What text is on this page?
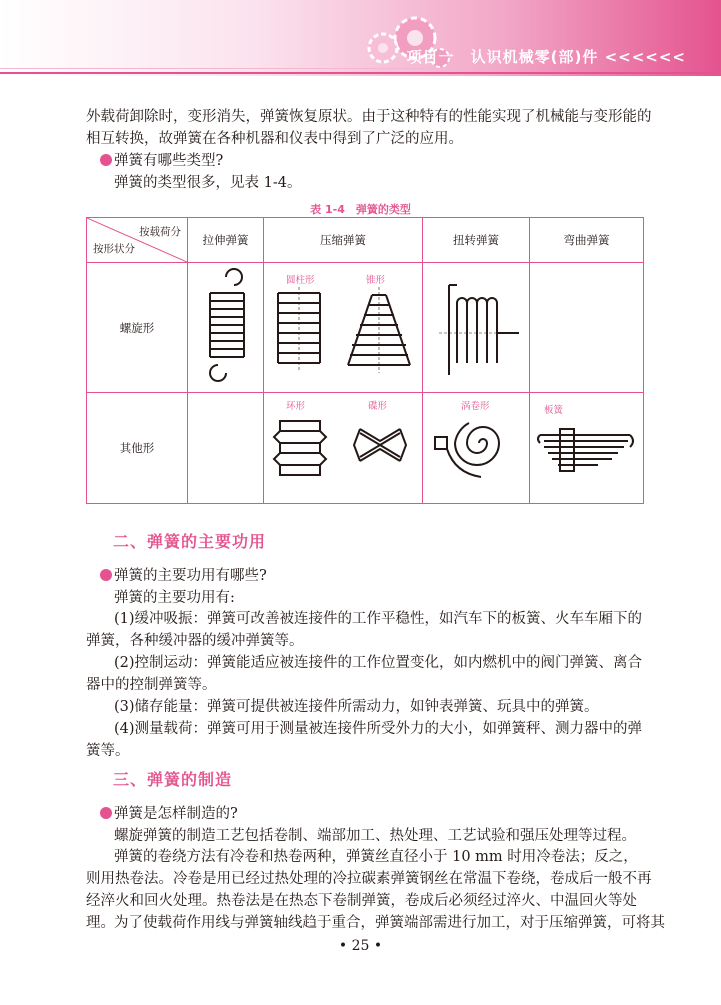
项目一　认识机械零(部)件 <<<<<<
外载荷卸除时，变形消失，弹簧恢复原状。由于这种特有的性能实现了机械能与变形能的相互转换，故弹簧在各种机器和仪表中得到了广泛的应用。
弹簧有哪些类型?
弹簧的类型很多，见表 1-4。
表 1-4　弹簧的类型
按载荷分
按形状分	拉伸弹簧	压缩弹簧	扭转弹簧	弯曲弹簧
螺旋形		圆柱形 锥形

其他形		环形 碟形	涡卷形	板簧
二、弹簧的主要功用
弹簧的主要功用有哪些?
弹簧的主要功用有:
(1)缓冲吸振：弹簧可改善被连接件的工作平稳性，如汽车下的板簧、火车车厢下的弹簧，各种缓冲器的缓冲弹簧等。
(2)控制运动：弹簧能适应被连接件的工作位置变化，如内燃机中的阀门弹簧、离合器中的控制弹簧等。
(3)储存能量：弹簧可提供被连接件所需动力，如钟表弹簧、玩具中的弹簧。
(4)测量载荷：弹簧可用于测量被连接件所受外力的大小，如弹簧秤、测力器中的弹簧等。
三、弹簧的制造
弹簧是怎样制造的?
螺旋弹簧的制造工艺包括卷制、端部加工、热处理、工艺试验和强压处理等过程。
弹簧的卷绕方法有冷卷和热卷两种，弹簧丝直径小于 10 mm 时用冷卷法；反之，则用热卷法。冷卷是用已经过热处理的冷拉碳素弹簧钢丝在常温下卷绕，卷成后一般不再经淬火和回火处理。热卷法是在热态下卷制弹簧，卷成后必须经过淬火、中温回火等处理。 为了使载荷作用线与弹簧轴线趋于重合，弹簧端部需进行加工，对于压缩弹簧，可将其
• 25 •
